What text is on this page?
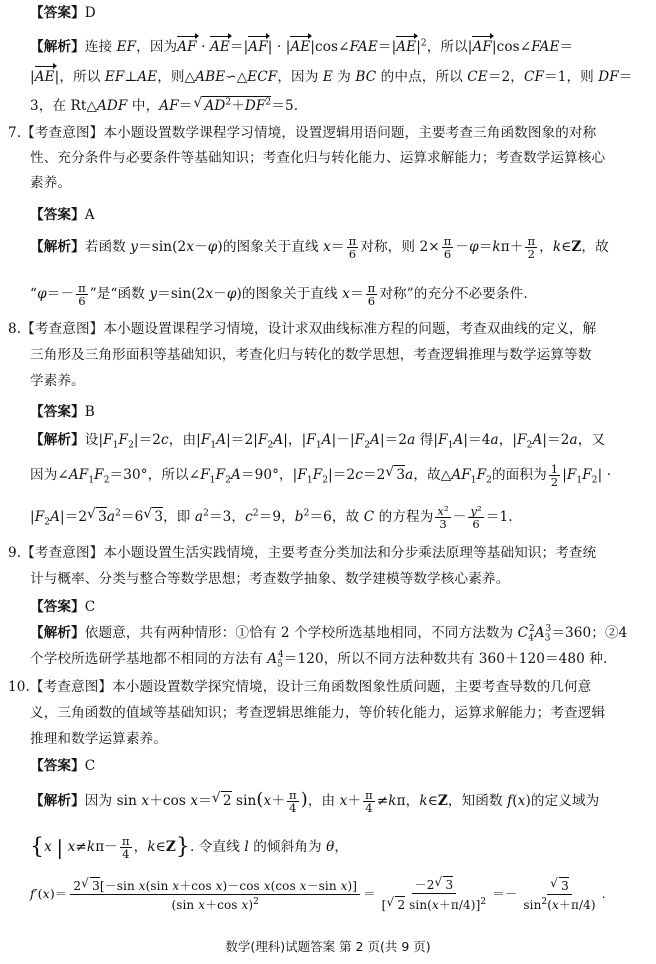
【答案】D
【解析】连接 EF，因为AF · $AE=|AF| \cdot |AE|\cos\angle FAE=|AE|^2$，所以|AF|cos∠FAE＝
|AE|，所以 EF⊥AE，则△ABE∽△ECF，因为 E 为 BC 的中点，所以 CE＝2，CF＝1，则 DF＝
3，在 Rt△ADF 中，AF＝√ $AD^2+DF^2=5$.
7.【考查意图】本小题设置数学课程学习情境，设置逻辑用语问题，主要考查三角函数图象的对称
性、充分条件与必要条件等基础知识；考查化归与转化能力、运算求解能力；考查数学运算核心
素养。
【答案】A
【解析】若函数 y＝sin(2x－φ)的图象关于直线 $x= \frac{\pi}{6}$ 对称，则 $2\times \frac{\pi}{6} -\varphi=k\pi+ \frac{\pi}{2}$ ，k∈Z，故
“$\varphi=- \frac{\pi}{6}$ ”是“函数 y＝sin(2x－φ)的图象关于直线 $x= \frac{\pi}{6}$ 对称”的充分不必要条件.
8.【考查意图】本小题设置课程学习情境，设计求双曲线标准方程的问题，考查双曲线的定义，解
三角形及三角形面积等基础知识，考查化归与转化的数学思想，考查逻辑推理与数学运算等数
学素养。
【答案】B
【解析】设$|F_1F_2|=2c$，由$|F_1A|=2|F_2A|$，$|F_1A|-|F_2A|=2a$ 得$|F_1A|=4a$，$|F_2A|=2a$，又
因为$\angle AF_1F_2=30^\circ$，所以$\angle F_1F_2A=90^\circ$，$|F_1F_2|=2c=2√$ 3a，故$\triangle AF_1F_2$的面积为 $\frac{1}{2} |F_1F_2|$ ·
$|F_2A|=2√$ $3a^2=6√$ 3，即 $a^2=3$，$c^2=9$，$b^2=6$，故 C 的方程为 $\frac{\text{x²}}{3} - \frac{\text{y²}}{6} =1$.
9.【考查意图】本小题设置生活实践情境，主要考查分类加法和分步乘法原理等基础知识；考查统
计与概率、分类与整合等数学思想；考查数学抽象、数学建模等数学核心素养。
【答案】C
【解析】依题意，共有两种情形：①恰有 2 个学校所选基地相同，不同方法数为 $C_4^2A_3^3=360$；②4
个学校所选研学基地都不相同的方法有 $A_5^4=120$，所以不同方法种数共有 360＋120＝480 种.
10.【考查意图】本小题设置数学探究情境，设计三角函数图象性质问题，主要考查导数的几何意
义，三角函数的值域等基础知识；考查逻辑思维能力，等价转化能力，运算求解能力；考查逻辑
推理和数学运算素养。
【答案】C
【解析】因为 sin x＋cos x＝√ 2 $\sin(x+ \frac{\pi}{4}$ )，由 $x+ \frac{\pi}{4} \ne k\pi$，k∈Z，知函数 f(x)的定义域为
{x | $x\ne k\pi- \frac{\pi}{4}$ ，k∈Z}. 令直线 l 的倾斜角为 θ，
$f'(x)= \frac{\text{2√ 3[－sin x(sin x＋cos x)－cos x(cos x－sin x)]}}{(\sin x+\cos x)^2} = \frac{-2√ 3}{[√ 2 \sin(x+\pi/4)]^2}$ ＝－
√ $\frac{3}{\sin^2(x+\pi/4)}$ .
数学(理科)试题答案 第 2 页(共 9 页)
